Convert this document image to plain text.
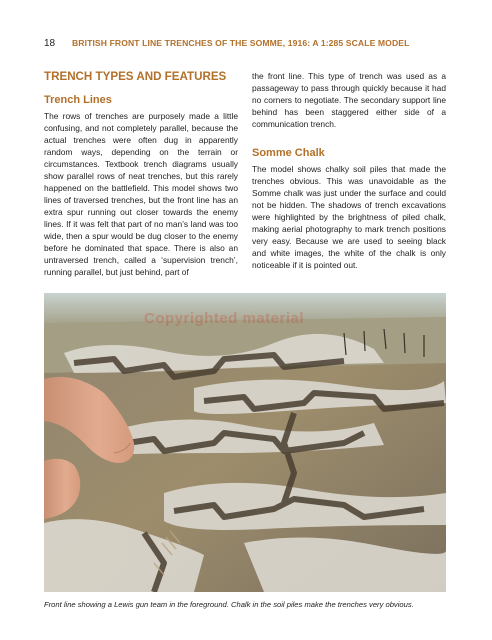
18	BRITISH FRONT LINE TRENCHES OF THE SOMME, 1916: A 1:285 SCALE MODEL
TRENCH TYPES AND FEATURES
Trench Lines

The rows of trenches are purposely made a little confusing, and not completely parallel, because the actual trenches were often dug in apparently random ways, depending on the terrain or circumstances. Textbook trench diagrams usually show parallel rows of neat trenches, but this rarely happened on the battlefield. This model shows two lines of traversed trenches, but the front line has an extra spur running out closer towards the enemy lines. If it was felt that part of no man’s land was too wide, then a spur would be dug closer to the enemy before he dominated that space. There is also an untraversed trench, called a ‘supervision trench’, running parallel, but just behind, part of

the front line. This type of trench was used as a passageway to pass through quickly because it had no corners to negotiate. The secondary support line behind has been staggered either side of a communication trench.

Somme Chalk

The model shows chalky soil piles that made the trenches obvious. This was unavoidable as the Somme chalk was just under the surface and could not be hidden. The shadows of trench excavations were highlighted by the brightness of piled chalk, making aerial photography to mark trench positions very easy. Because we are used to seeing black and white images, the white of the chalk is only noticeable if it is pointed out.

Copyrighted material
Front line showing a Lewis gun team in the foreground. Chalk in the soil piles make the trenches very obvious.
